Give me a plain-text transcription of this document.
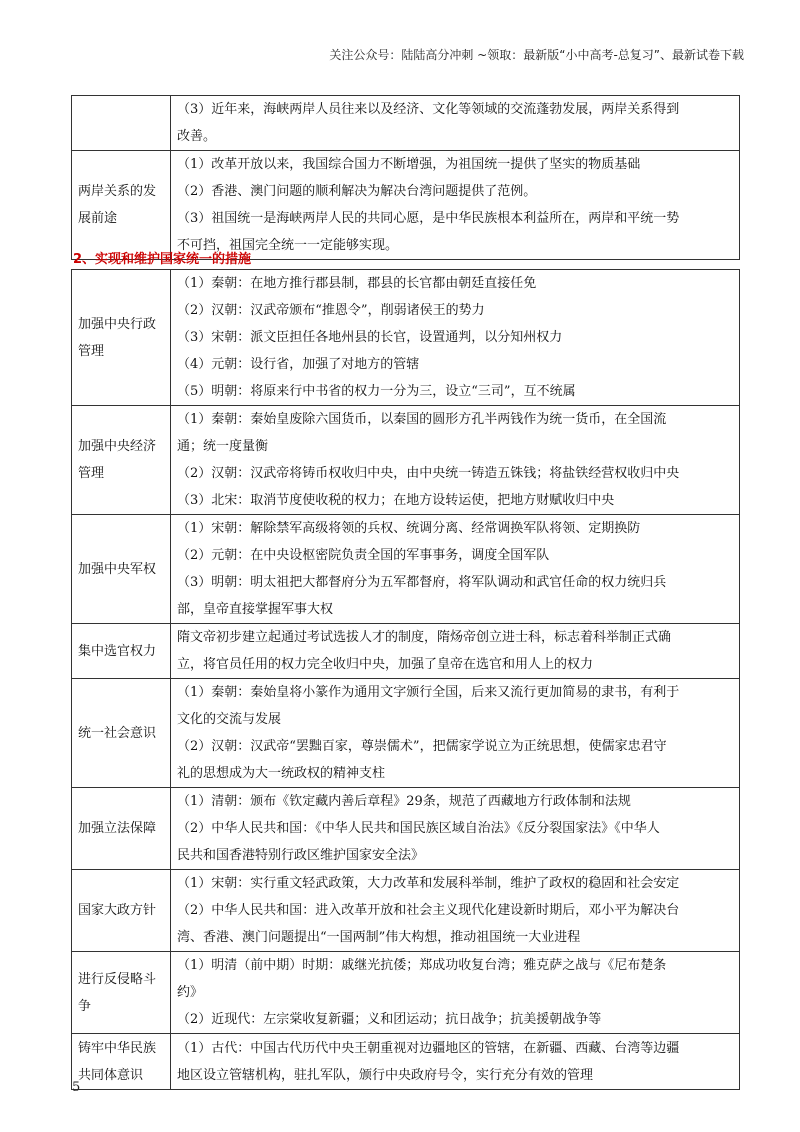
关注公众号：陆陆高分冲刺 ~领取：最新版“小中高考-总复习”、最新试卷下载

	（3）近年来，海峡两岸人员往来以及经济、文化等领域的交流蓬勃发展，两岸关系得到
改善。

两岸关系的发展前途	（1）改革开放以来，我国综合国力不断增强，为祖国统一提供了坚实的物质基础
（2）香港、澳门问题的顺利解决为解决台湾问题提供了范例。
（3）祖国统一是海峡两岸人民的共同心愿，是中华民族根本利益所在，两岸和平统一势
不可挡，祖国完全统一一定能够实现。
2、实现和维护国家统一的措施
加强中央行政管理	（1）秦朝：在地方推行郡县制，郡县的长官都由朝廷直接任免
（2）汉朝：汉武帝颁布“推恩令”，削弱诸侯王的势力
（3）宋朝：派文臣担任各地州县的长官，设置通判，以分知州权力
（4）元朝：设行省，加强了对地方的管辖
（5）明朝：将原来行中书省的权力一分为三，设立“三司”，互不统属

加强中央经济管理	（1）秦朝：秦始皇废除六国货币，以秦国的圆形方孔半两钱作为统一货币，在全国流
通；统一度量衡
（2）汉朝：汉武帝将铸币权收归中央，由中央统一铸造五铢钱；将盐铁经营权收归中央
（3）北宋：取消节度使收税的权力；在地方设转运使，把地方财赋收归中央

加强中央军权	（1）宋朝：解除禁军高级将领的兵权、统调分离、经常调换军队将领、定期换防
（2）元朝：在中央设枢密院负责全国的军事事务，调度全国军队
（3）明朝：明太祖把大都督府分为五军都督府，将军队调动和武官任命的权力统归兵
部，皇帝直接掌握军事大权

集中选官权力	隋文帝初步建立起通过考试选拔人才的制度，隋炀帝创立进士科，标志着科举制正式确
立，将官员任用的权力完全收归中央，加强了皇帝在选官和用人上的权力

统一社会意识	（1）秦朝：秦始皇将小篆作为通用文字颁行全国，后来又流行更加简易的隶书，有利于
文化的交流与发展
（2）汉朝：汉武帝“罢黜百家，尊崇儒术”，把儒家学说立为正统思想，使儒家忠君守
礼的思想成为大一统政权的精神支柱

加强立法保障	（1）清朝：颁布《钦定藏内善后章程》29条，规范了西藏地方行政体制和法规
（2）中华人民共和国：《中华人民共和国民族区域自治法》《反分裂国家法》《中华人
民共和国香港特别行政区维护国家安全法》

国家大政方针	（1）宋朝：实行重文轻武政策，大力改革和发展科举制，维护了政权的稳固和社会安定
（2）中华人民共和国：进入改革开放和社会主义现代化建设新时期后，邓小平为解决台
湾、香港、澳门问题提出“一国两制”伟大构想，推动祖国统一大业进程

进行反侵略斗争	（1）明清（前中期）时期：戚继光抗倭；郑成功收复台湾；雅克萨之战与《尼布楚条
约》
（2）近现代：左宗棠收复新疆；义和团运动；抗日战争；抗美援朝战争等

铸牢中华民族共同体意识	（1）古代：中国古代历代中央王朝重视对边疆地区的管辖，在新疆、西藏、台湾等边疆
地区设立管辖机构，驻扎军队，颁行中央政府号令，实行充分有效的管理
5
